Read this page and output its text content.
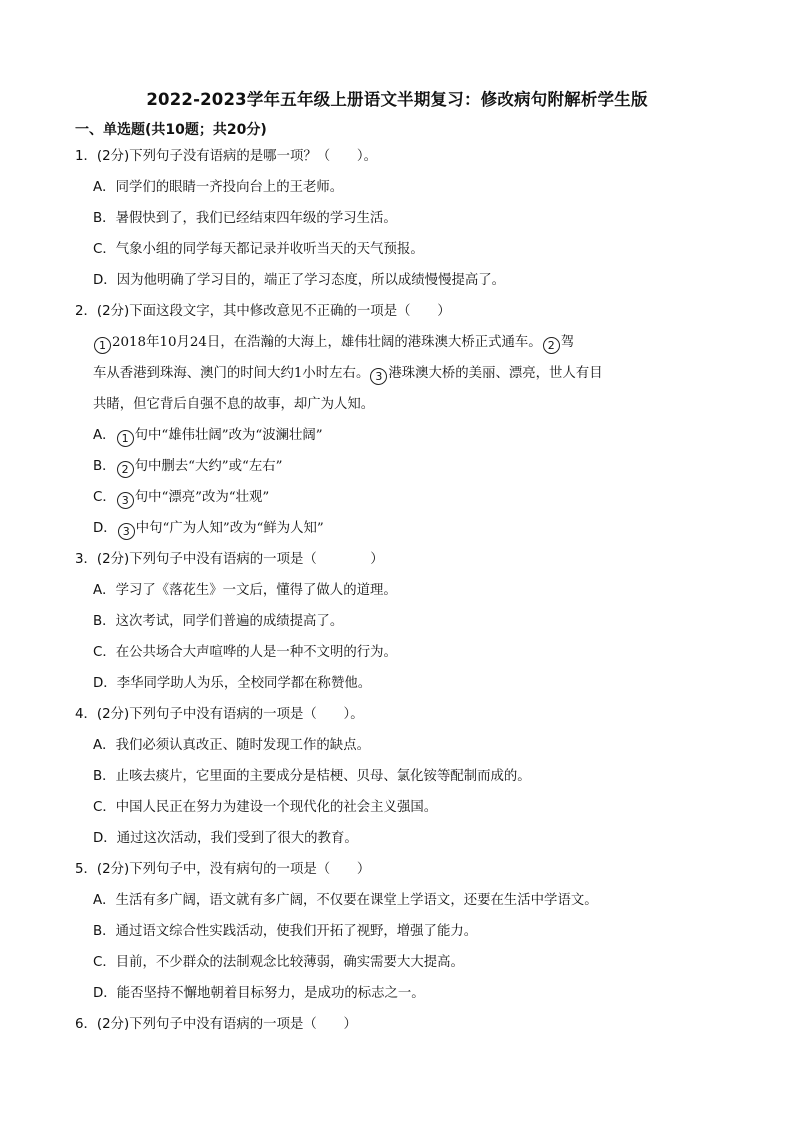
2022-2023学年五年级上册语文半期复习：修改病句附解析学生版
一、单选题(共10题；共20分)
1．(2分)下列句子没有语病的是哪一项？（　　）。
A．同学们的眼睛一齐投向台上的王老师。
B．暑假快到了，我们已经结束四年级的学习生活。
C．气象小组的同学每天都记录并收听当天的天气预报。
D．因为他明确了学习目的，端正了学习态度，所以成绩慢慢提高了。
2．(2分)下面这段文字，其中修改意见不正确的一项是（　　）
1 2018年10月24日，在浩瀚的大海上，雄伟壮阔的港珠澳大桥正式通车。 2 驾
车从香港到珠海、澳门的时间大约1小时左右。 3 港珠澳大桥的美丽、漂亮，世人有目
共睹，但它背后自强不息的故事，却广为人知。
A． 1 句中“雄伟壮阔”改为“波澜壮阔”
B． 2 句中删去“大约”或“左右”
C． 3 句中“漂亮”改为“壮观”
D． 3 中句“广为人知”改为“鲜为人知”
3．(2分)下列句子中没有语病的一项是（　　　　）
A．学习了《落花生》一文后，懂得了做人的道理。
B．这次考试，同学们普遍的成绩提高了。
C．在公共场合大声喧哗的人是一种不文明的行为。
D．李华同学助人为乐，全校同学都在称赞他。
4．(2分)下列句子中没有语病的一项是（　　）。
A．我们必须认真改正、随时发现工作的缺点。
B．止咳去痰片，它里面的主要成分是桔梗、贝母、氯化铵等配制而成的。
C．中国人民正在努力为建设一个现代化的社会主义强国。
D．通过这次活动，我们受到了很大的教育。
5．(2分)下列句子中，没有病句的一项是（　　）
A．生活有多广阔，语文就有多广阔，不仅要在课堂上学语文，还要在生活中学语文。
B．通过语文综合性实践活动，使我们开拓了视野，增强了能力。
C．目前，不少群众的法制观念比较薄弱，确实需要大大提高。
D．能否坚持不懈地朝着目标努力，是成功的标志之一。
6．(2分)下列句子中没有语病的一项是（　　）
